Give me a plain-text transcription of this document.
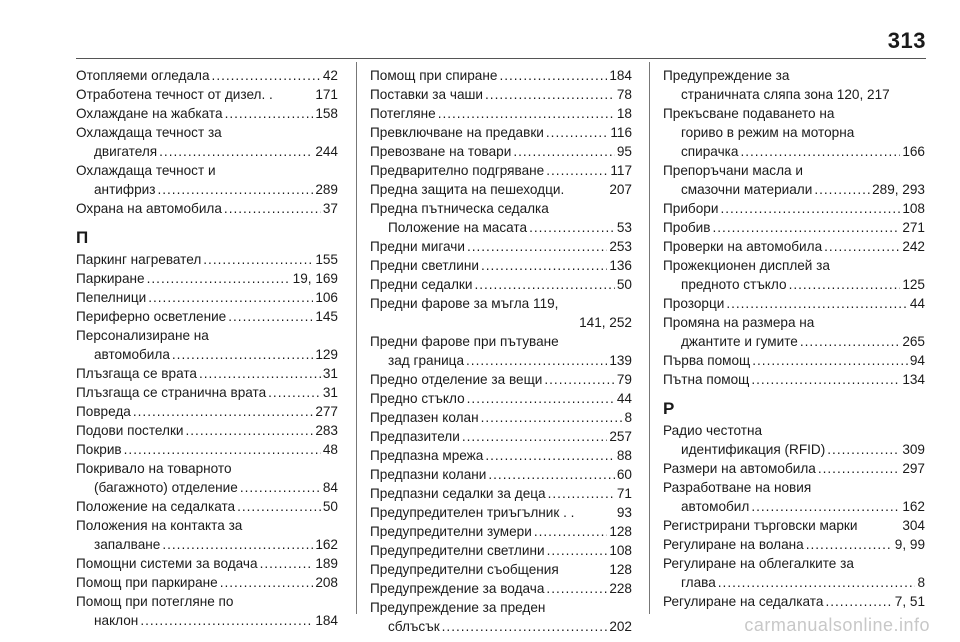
313
Отопляеми огледала .....	42
Отработена течност от дизел. .	171
Охлаждане на жабката .....	158
Охлаждаща течност за
двигателя .....	244
Охлаждаща течност и
антифриз .....	289
Охрана на автомобила .....	37
П
Паркинг нагревател .....	155
Паркиране .....	19, 169
Пепелници .....	106
Периферно осветление .....	145
Персонализиране на
автомобила .....	129
Плъзгаща се врата .....	31
Плъзгаща се странична врата .....	31
Повреда .....	277
Подови постелки .....	283
Покрив .....	48
Покривало на товарното
(багажното) отделение .....	84
Положение на седалката .....	50
Положения на контакта за
запалване .....	162
Помощни системи за водача .....	189
Помощ при паркиране .....	208
Помощ при потегляне по
наклон .....	184
Помощ при спиране .....	184
Поставки за чаши .....	78
Потегляне .....	18
Превключване на предавки .....	116
Превозване на товари .....	95
Предварително подгряване .....	117
Предна защита на пешеходци.	207
Предна пътническа седалка
Положение на масата .....	53
Предни мигачи .....	253
Предни светлини .....	136
Предни седалки .....	50
Предни фарове за мъгла 119,
141, 252
Предни фарове при пътуване
зад граница .....	139
Предно отделение за вещи .....	79
Предно стъкло .....	44
Предпазен колан .....	8
Предпазители .....	257
Предпазна мрежа .....	88
Предпазни колани .....	60
Предпазни седалки за деца .....	71
Предупредителен триъгълник . .	93
Предупредителни зумери .....	128
Предупредителни светлини .....	108
Предупредителни съобщения	128
Предупреждение за водача .....	228
Предупреждение за преден
сблъсък .....	202
Предупреждение за
страничната сляпа зона 120, 217
Прекъсване подаването на
гориво в режим на моторна
спирачка .....	166
Препоръчани масла и
смазочни материали .....	289, 293
Прибори .....	108
Пробив .....	271
Проверки на автомобила .....	242
Прожекционен дисплей за
предното стъкло .....	125
Прозорци .....	44
Промяна на размера на
джантите и гумите .....	265
Първа помощ .....	94
Пътна помощ .....	134
Р
Радио честотна
идентификация (RFID) .....	309
Размери на автомобила .....	297
Разработване на новия
автомобил .....	162
Регистрирани търговски марки	304
Регулиране на волана .....	9, 99
Регулиране на облегалките за
глава .....	8
Регулиране на седалката .....	7, 51
carmanualsonline.info
